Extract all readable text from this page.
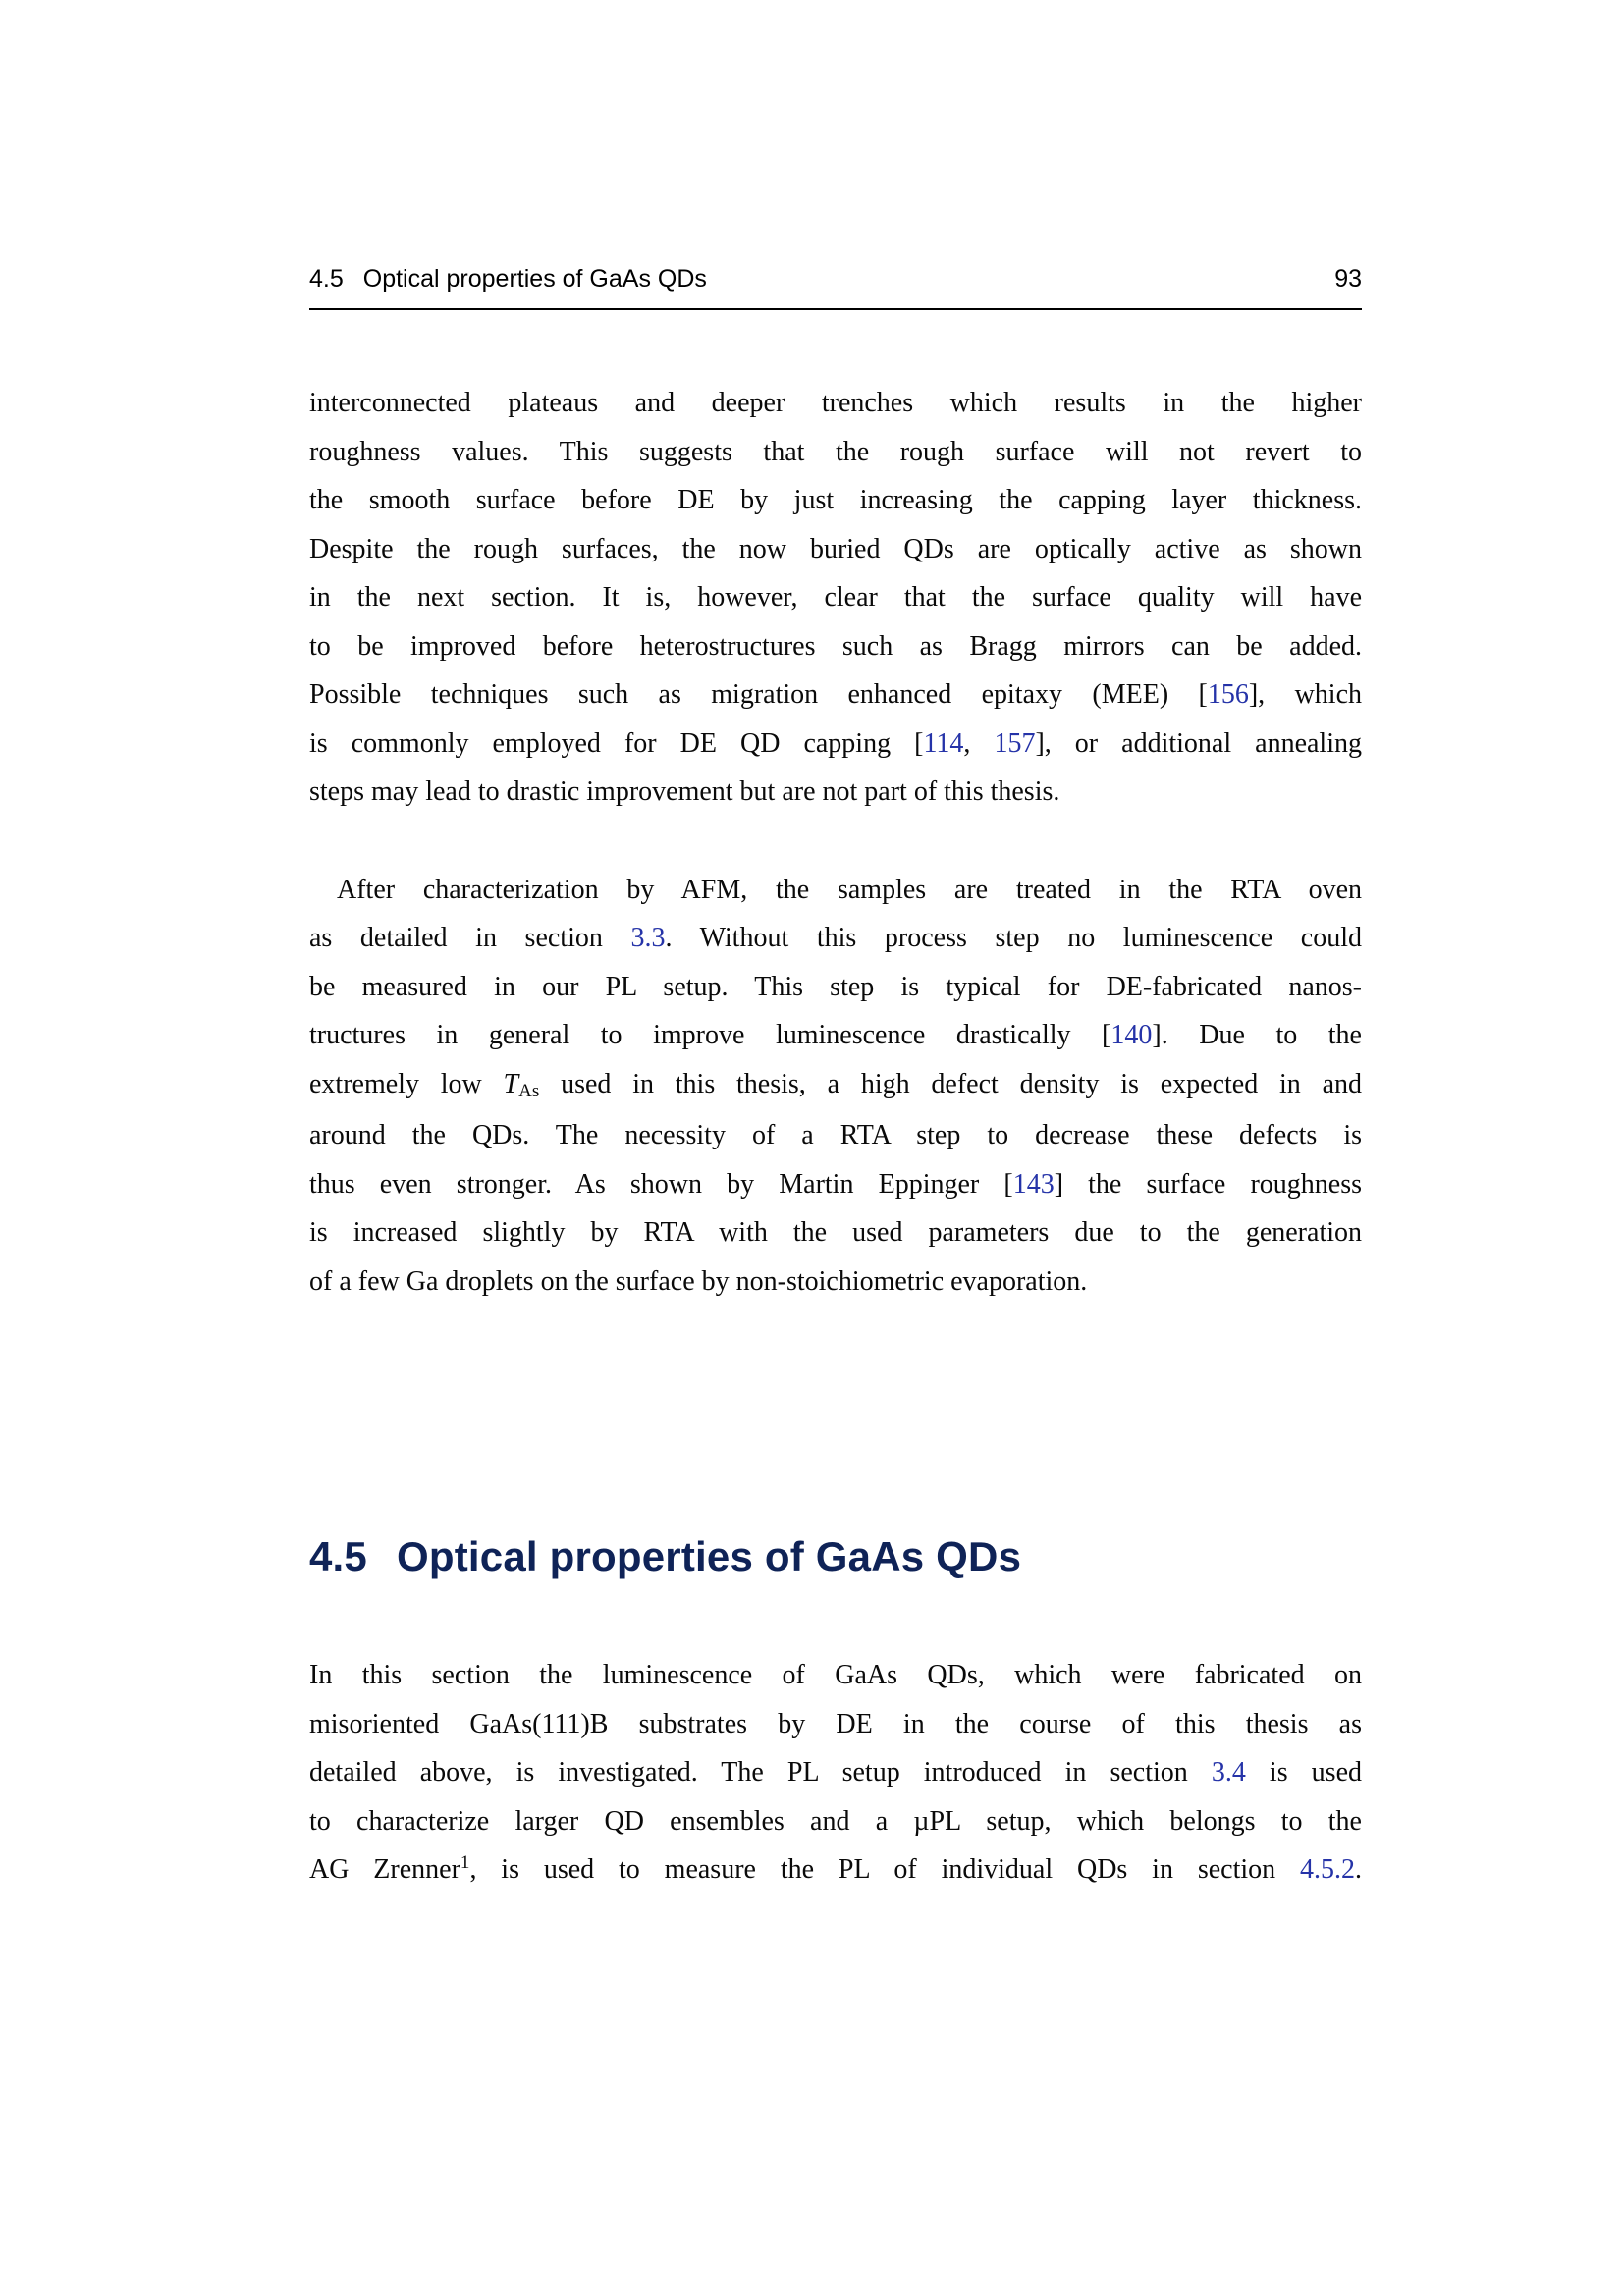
4.5 Optical properties of GaAs QDs	93
interconnected plateaus and deeper trenches which results in the higher
roughness values. This suggests that the rough surface will not revert to
the smooth surface before DE by just increasing the capping layer thickness.
Despite the rough surfaces, the now buried QDs are optically active as shown
in the next section. It is, however, clear that the surface quality will have
to be improved before heterostructures such as Bragg mirrors can be added.
Possible techniques such as migration enhanced epitaxy (MEE) [156], which
is commonly employed for DE QD capping [114, 157], or additional annealing
steps may lead to drastic improvement but are not part of this thesis.
After characterization by AFM, the samples are treated in the RTA oven
as detailed in section 3.3. Without this process step no luminescence could
be measured in our PL setup. This step is typical for DE-fabricated nanos-
tructures in general to improve luminescence drastically [140]. Due to the
extremely low $T_{As}$ used in this thesis, a high defect density is expected in and
around the QDs. The necessity of a RTA step to decrease these defects is
thus even stronger. As shown by Martin Eppinger [143] the surface roughness
is increased slightly by RTA with the used parameters due to the generation
of a few Ga droplets on the surface by non-stoichiometric evaporation.
4.5 Optical properties of GaAs QDs
In this section the luminescence of GaAs QDs, which were fabricated on
misoriented GaAs(111)B substrates by DE in the course of this thesis as
detailed above, is investigated. The PL setup introduced in section 3.4 is used
to characterize larger QD ensembles and a µPL setup, which belongs to the
AG Zrenner$^1$, is used to measure the PL of individual QDs in section 4.5.2.
